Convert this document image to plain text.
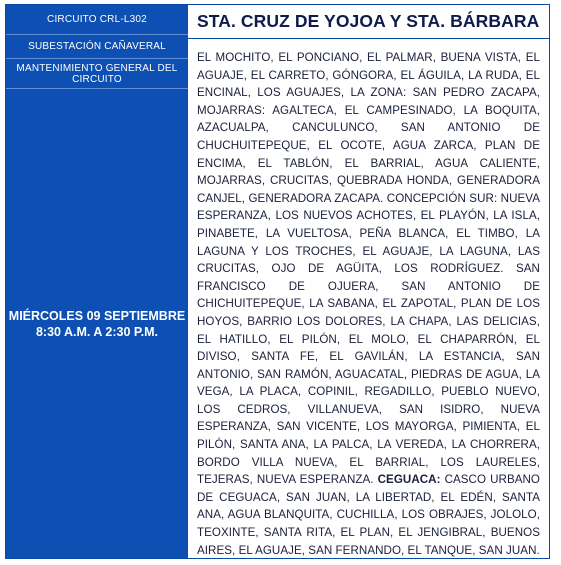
CIRCUITO CRL-L302
SUBESTACIÓN CAÑAVERAL
MANTENIMIENTO GENERAL DEL CIRCUITO
MIÉRCOLES 09 SEPTIEMBRE
8:30 A.M. A 2:30 P.M.
STA. CRUZ DE YOJOA Y STA. BÁRBARA
EL MOCHITO, EL PONCIANO, EL PALMAR, BUENA VISTA, EL AGUAJE, EL CARRETO, GÓNGORA, EL ÁGUILA, LA RUDA, EL ENCINAL, LOS AGUAJES, LA ZONA: SAN PEDRO ZACAPA, MOJARRAS: AGALTECA, EL CAMPESINADO, LA BOQUITA, AZACUALPA, CANCULUNCO, SAN ANTONIO DE CHUCHUITEPEQUE, EL OCOTE, AGUA ZARCA, PLAN DE ENCIMA, EL TABLÓN, EL BARRIAL, AGUA CALIENTE, MOJARRAS, CRUCITAS, QUEBRADA HONDA, GENERADORA CANJEL, GENERADORA ZACAPA. CONCEPCIÓN SUR: NUEVA ESPERANZA, LOS NUEVOS ACHOTES, EL PLAYÓN, LA ISLA, PINABETE, LA VUELTOSA, PEÑA BLANCA, EL TIMBO, LA LAGUNA Y LOS TROCHES, EL AGUAJE, LA LAGUNA, LAS CRUCITAS, OJO DE AGÜITA, LOS RODRÍGUEZ. SAN FRANCISCO DE OJUERA, SAN ANTONIO DE CHICHUITEPEQUE, LA SABANA, EL ZAPOTAL, PLAN DE LOS HOYOS, BARRIO LOS DOLORES, LA CHAPA, LAS DELICIAS, EL HATILLO, EL PILÓN, EL MOLO, EL CHAPARRÓN, EL DIVISO, SANTA FE, EL GAVILÁN, LA ESTANCIA, SAN ANTONIO, SAN RAMÓN, AGUACATAL, PIEDRAS DE AGUA, LA VEGA, LA PLACA, COPINIL, REGADILLO, PUEBLO NUEVO, LOS CEDROS, VILLANUEVA, SAN ISIDRO, NUEVA ESPERANZA, SAN VICENTE, LOS MAYORGA, PIMIENTA, EL PILÓN, SANTA ANA, LA PALCA, LA VEREDA, LA CHORRERA, BORDO VILLA NUEVA, EL BARRIAL, LOS LAURELES, TEJERAS, NUEVA ESPERANZA. CEGUACA: CASCO URBANO DE CEGUACA, SAN JUAN, LA LIBERTAD, EL EDÉN, SANTA ANA, AGUA BLANQUITA, CUCHILLA, LOS OBRAJES, JOLOLO, TEOXINTE, SANTA RITA, EL PLAN, EL JENGIBRAL, BUENOS AIRES, EL AGUAJE, SAN FERNANDO, EL TANQUE, SAN JUAN.
